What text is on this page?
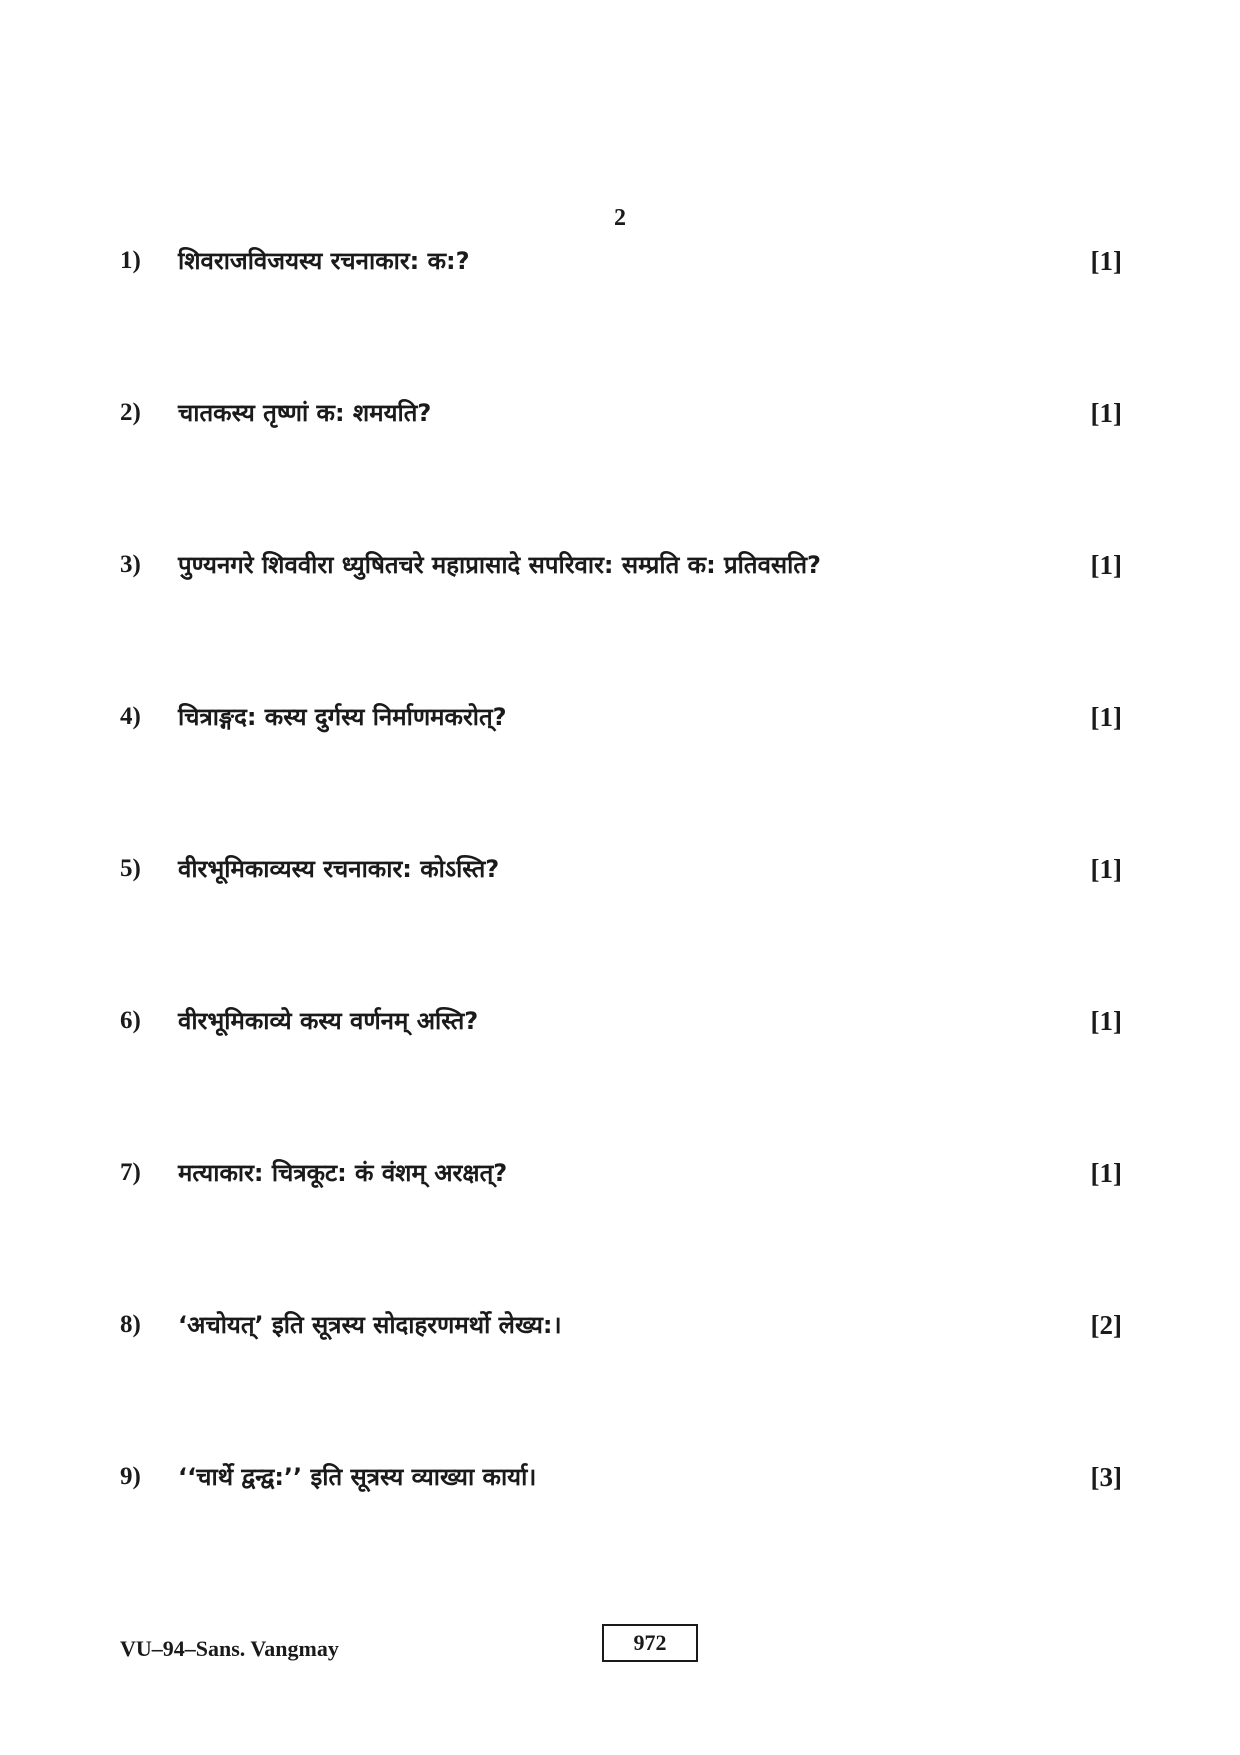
2
1) शिवराजविजयस्य रचनाकार: क:?	[1]
2) चातकस्य तृष्णां क: शमयति?	[1]
3) पुण्यनगरे शिववीरा ध्युषितचरे महाप्रासादे सपरिवार: सम्प्रति क: प्रतिवसति?	[1]
4) चित्राङ्गद: कस्य दुर्गस्य निर्माणमकरोत्?	[1]
5) वीरभूमिकाव्यस्य रचनाकार: कोऽस्ति?	[1]
6) वीरभूमिकाव्ये कस्य वर्णनम् अस्ति?	[1]
7) मत्याकार: चित्रकूट: कं वंशम् अरक्षत्?	[1]
8) ‘अचोयत्’ इति सूत्रस्य सोदाहरणमर्थो लेख्य:।	[2]
9) ‘‘चार्थे द्वन्द्व:’’ इति सूत्रस्य व्याख्या कार्या।	[3]
VU–94–Sans. Vangmay	972
